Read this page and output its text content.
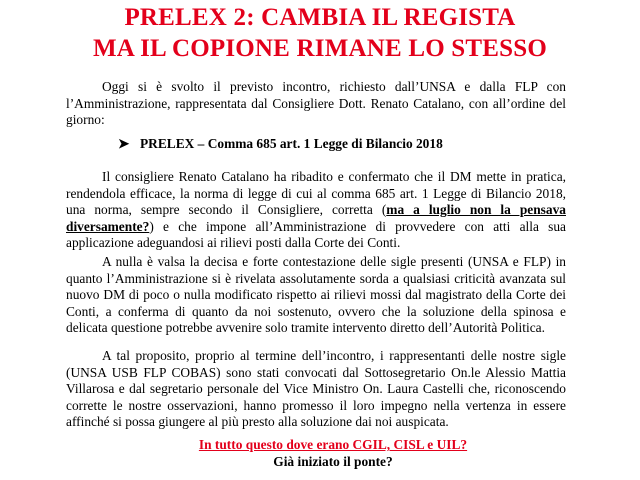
PRELEX 2: CAMBIA IL REGISTA
MA IL COPIONE RIMANE LO STESSO

Oggi si è svolto il previsto incontro, richiesto dall’UNSA e dalla FLP con l’Amministrazione, rappresentata dal Consigliere Dott. Renato Catalano, con all’ordine del giorno:

➤ PRELEX – Comma 685 art. 1 Legge di Bilancio 2018

Il consigliere Renato Catalano ha ribadito e confermato che il DM mette in pratica, rendendola efficace, la norma di legge di cui al comma 685 art. 1 Legge di Bilancio 2018, una norma, sempre secondo il Consigliere, corretta (ma a luglio non la pensava diversamente?) e che impone all’Amministrazione di provvedere con atti alla sua applicazione adeguandosi ai rilievi posti dalla Corte dei Conti.

A nulla è valsa la decisa e forte contestazione delle sigle presenti (UNSA e FLP) in quanto l’Amministrazione si è rivelata assolutamente sorda a qualsiasi criticità avanzata sul nuovo DM di poco o nulla modificato rispetto ai rilievi mossi dal magistrato della Corte dei Conti, a conferma di quanto da noi sostenuto, ovvero che la soluzione della spinosa e delicata questione potrebbe avvenire solo tramite intervento diretto dell’Autorità Politica.

A tal proposito, proprio al termine dell’incontro, i rappresentanti delle nostre sigle (UNSA USB FLP COBAS) sono stati convocati dal Sottosegretario On.le Alessio Mattia Villarosa e dal segretario personale del Vice Ministro On. Laura Castelli che, riconoscendo corrette le nostre osservazioni, hanno promesso il loro impegno nella vertenza in essere affinché si possa giungere al più presto alla soluzione dai noi auspicata.

In tutto questo dove erano CGIL, CISL e UIL?
Già iniziato il ponte?
